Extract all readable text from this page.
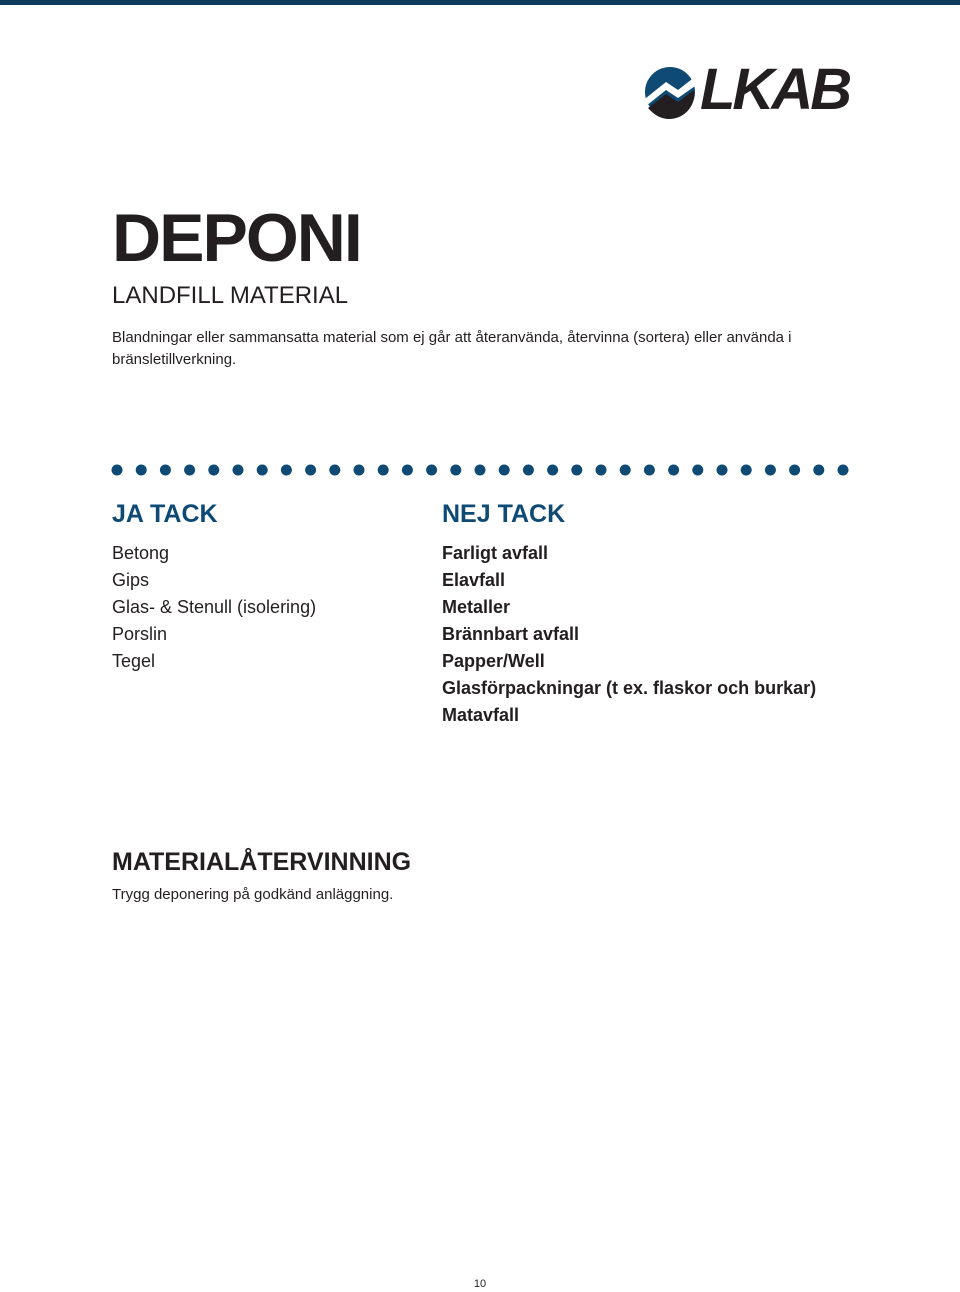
LKAB
DEPONI
LANDFILL MATERIAL

Blandningar eller sammansatta material som ej går att återanvända, återvinna (sortera) eller använda i bränsletillverkning.

JA TACK
Betong
Gips
Glas- & Stenull (isolering)
Porslin
Tegel
NEJ TACK
Farligt avfall
Elavfall
Metaller
Brännbart avfall
Papper/Well
Glasförpackningar (t ex. flaskor och burkar)
Matavfall
MATERIALÅTERVINNING

Trygg deponering på godkänd anläggning.

10
